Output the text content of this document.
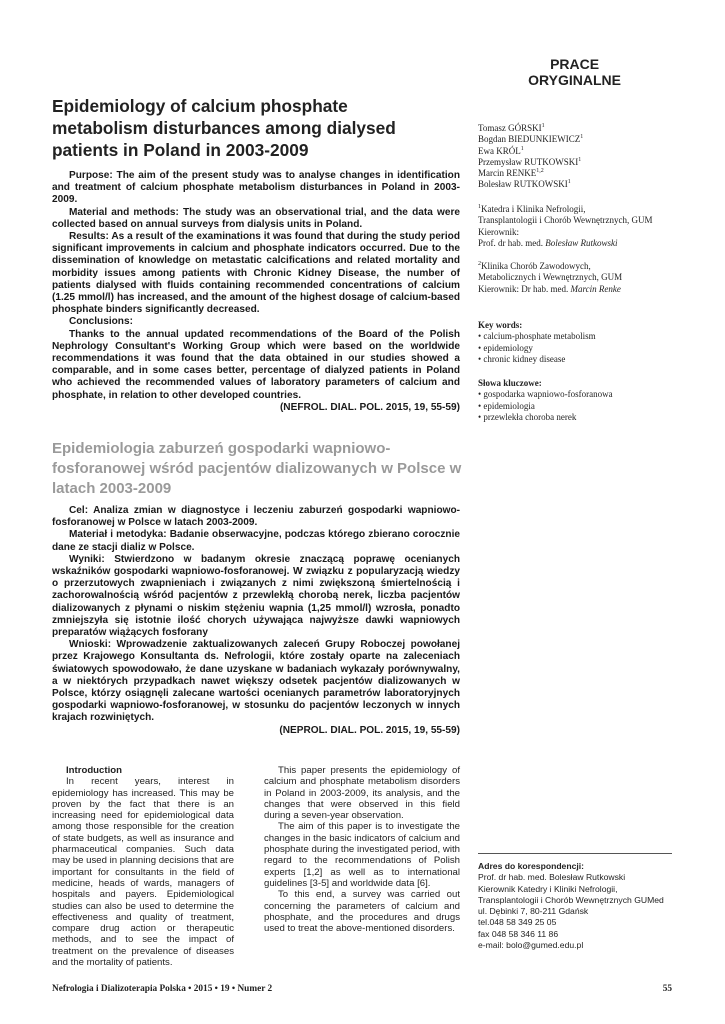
PRACE
ORYGINALNE
Epidemiology of calcium phosphate metabolism disturbances among dialysed patients in Poland in 2003-2009

Purpose: The aim of the present study was to analyse changes in identification and treatment of calcium phosphate metabolism disturbances in Poland in 2003-2009.

Material and methods: The study was an observational trial, and the data were collected based on annual surveys from dialysis units in Poland.

Results: As a result of the examinations it was found that during the study period significant improvements in calcium and phosphate indicators occurred. Due to the dissemination of knowledge on metastatic calcifications and related mortality and morbidity issues among patients with Chronic Kidney Disease, the number of patients dialysed with fluids containing recommended concentrations of calcium (1.25 mmol/l) has increased, and the amount of the highest dosage of calcium-based phosphate binders significantly decreased.

Conclusions:

Thanks to the annual updated recommendations of the Board of the Polish Nephrology Consultant's Working Group which were based on the worldwide recommendations it was found that the data obtained in our studies showed a comparable, and in some cases better, percentage of dialyzed patients in Poland who achieved the recommended values of laboratory parameters of calcium and phosphate, in relation to other developed countries.

(NEFROL. DIAL. POL. 2015, 19, 55-59)

Epidemiologia zaburzeń gospodarki wapniowo-fosforanowej wśród pacjentów dializowanych w Polsce w latach 2003-2009

Cel: Analiza zmian w diagnostyce i leczeniu zaburzeń gospodarki wapniowo-fosforanowej w Polsce w latach 2003-2009.

Materiał i metodyka: Badanie obserwacyjne, podczas którego zbierano corocznie dane ze stacji dializ w Polsce.

Wyniki: Stwierdzono w badanym okresie znaczącą poprawę ocenianych wskaźników gospodarki wapniowo-fosforanowej. W związku z popularyzacją wiedzy o przerzutowych zwapnieniach i związanych z nimi zwiększoną śmiertelnością i zachorowalnością wśród pacjentów z przewlekłą chorobą nerek, liczba pacjentów dializowanych z płynami o niskim stężeniu wapnia (1,25 mmol/l) wzrosła, ponadto zmniejszyła się istotnie ilość chorych używająca najwyższe dawki wapniowych preparatów wiążących fosforany

Wnioski: Wprowadzenie zaktualizowanych zaleceń Grupy Roboczej powołanej przez Krajowego Konsultanta ds. Nefrologii, które zostały oparte na zaleceniach światowych spowodowało, że dane uzyskane w badaniach wykazały porównywalny, a w niektórych przypadkach nawet większy odsetek pacjentów dializowanych w Polsce, którzy osiągnęli zalecane wartości ocenianych parametrów laboratoryjnych gospodarki wapniowo-fosforanowej, w stosunku do pacjentów leczonych w innych krajach rozwiniętych.

(NEPROL. DIAL. POL. 2015, 19, 55-59)

Tomasz GÓRSKI$^1$

Bogdan BIEDUNKIEWICZ$^1$

Ewa KRÓL$^1$

Przemysław RUTKOWSKI$^1$

Marcin RENKE$^{1,2}$

Bolesław RUTKOWSKI$^1$

$^1$Katedra i Klinika Nefrologii,

Transplantologii i Chorób Wewnętrznych, GUM

Kierownik:

Prof. dr hab. med. Bolesław Rutkowski

$^2$Klinika Chorób Zawodowych,

Metabolicznych i Wewnętrznych, GUM

Kierownik: Dr hab. med. Marcin Renke

Key words:

• calcium-phosphate metabolism

• epidemiology

• chronic kidney disease

Słowa kluczowe:

• gospodarka wapniowo-fosforanowa

• epidemiologia

• przewlekła choroba nerek

Adres do korespondencji:

Prof. dr hab. med. Bolesław Rutkowski

Kierownik Katedry i Kliniki Nefrologii,

Transplantologii i Chorób Wewnętrznych GUMed

ul. Dębinki 7, 80-211 Gdańsk

tel.048 58 349 25 05

fax 048 58 346 11 86

e-mail: bolo@gumed.edu.pl

Introduction

In recent years, interest in epidemiology has increased. This may be proven by the fact that there is an increasing need for epidemiological data among those responsible for the creation of state budgets, as well as insurance and pharmaceutical companies. Such data may be used in planning decisions that are important for consultants in the field of medicine, heads of wards, managers of hospitals and payers. Epidemiological studies can also be used to determine the effectiveness and quality of treatment, compare drug action or therapeutic methods, and to see the impact of treatment on the prevalence of diseases and the mortality of patients.

This paper presents the epidemiology of calcium and phosphate metabolism disorders in Poland in 2003-2009, its analysis, and the changes that were observed in this field during a seven-year observation.

The aim of this paper is to investigate the changes in the basic indicators of calcium and phosphate during the investigated period, with regard to the recommendations of Polish experts [1,2] as well as to international guidelines [3-5] and worldwide data [6].

To this end, a survey was carried out concerning the parameters of calcium and phosphate, and the procedures and drugs used to treat the above-mentioned disorders.

Nefrologia i Dializoterapia Polska • 2015 • 19 • Numer 2	55
